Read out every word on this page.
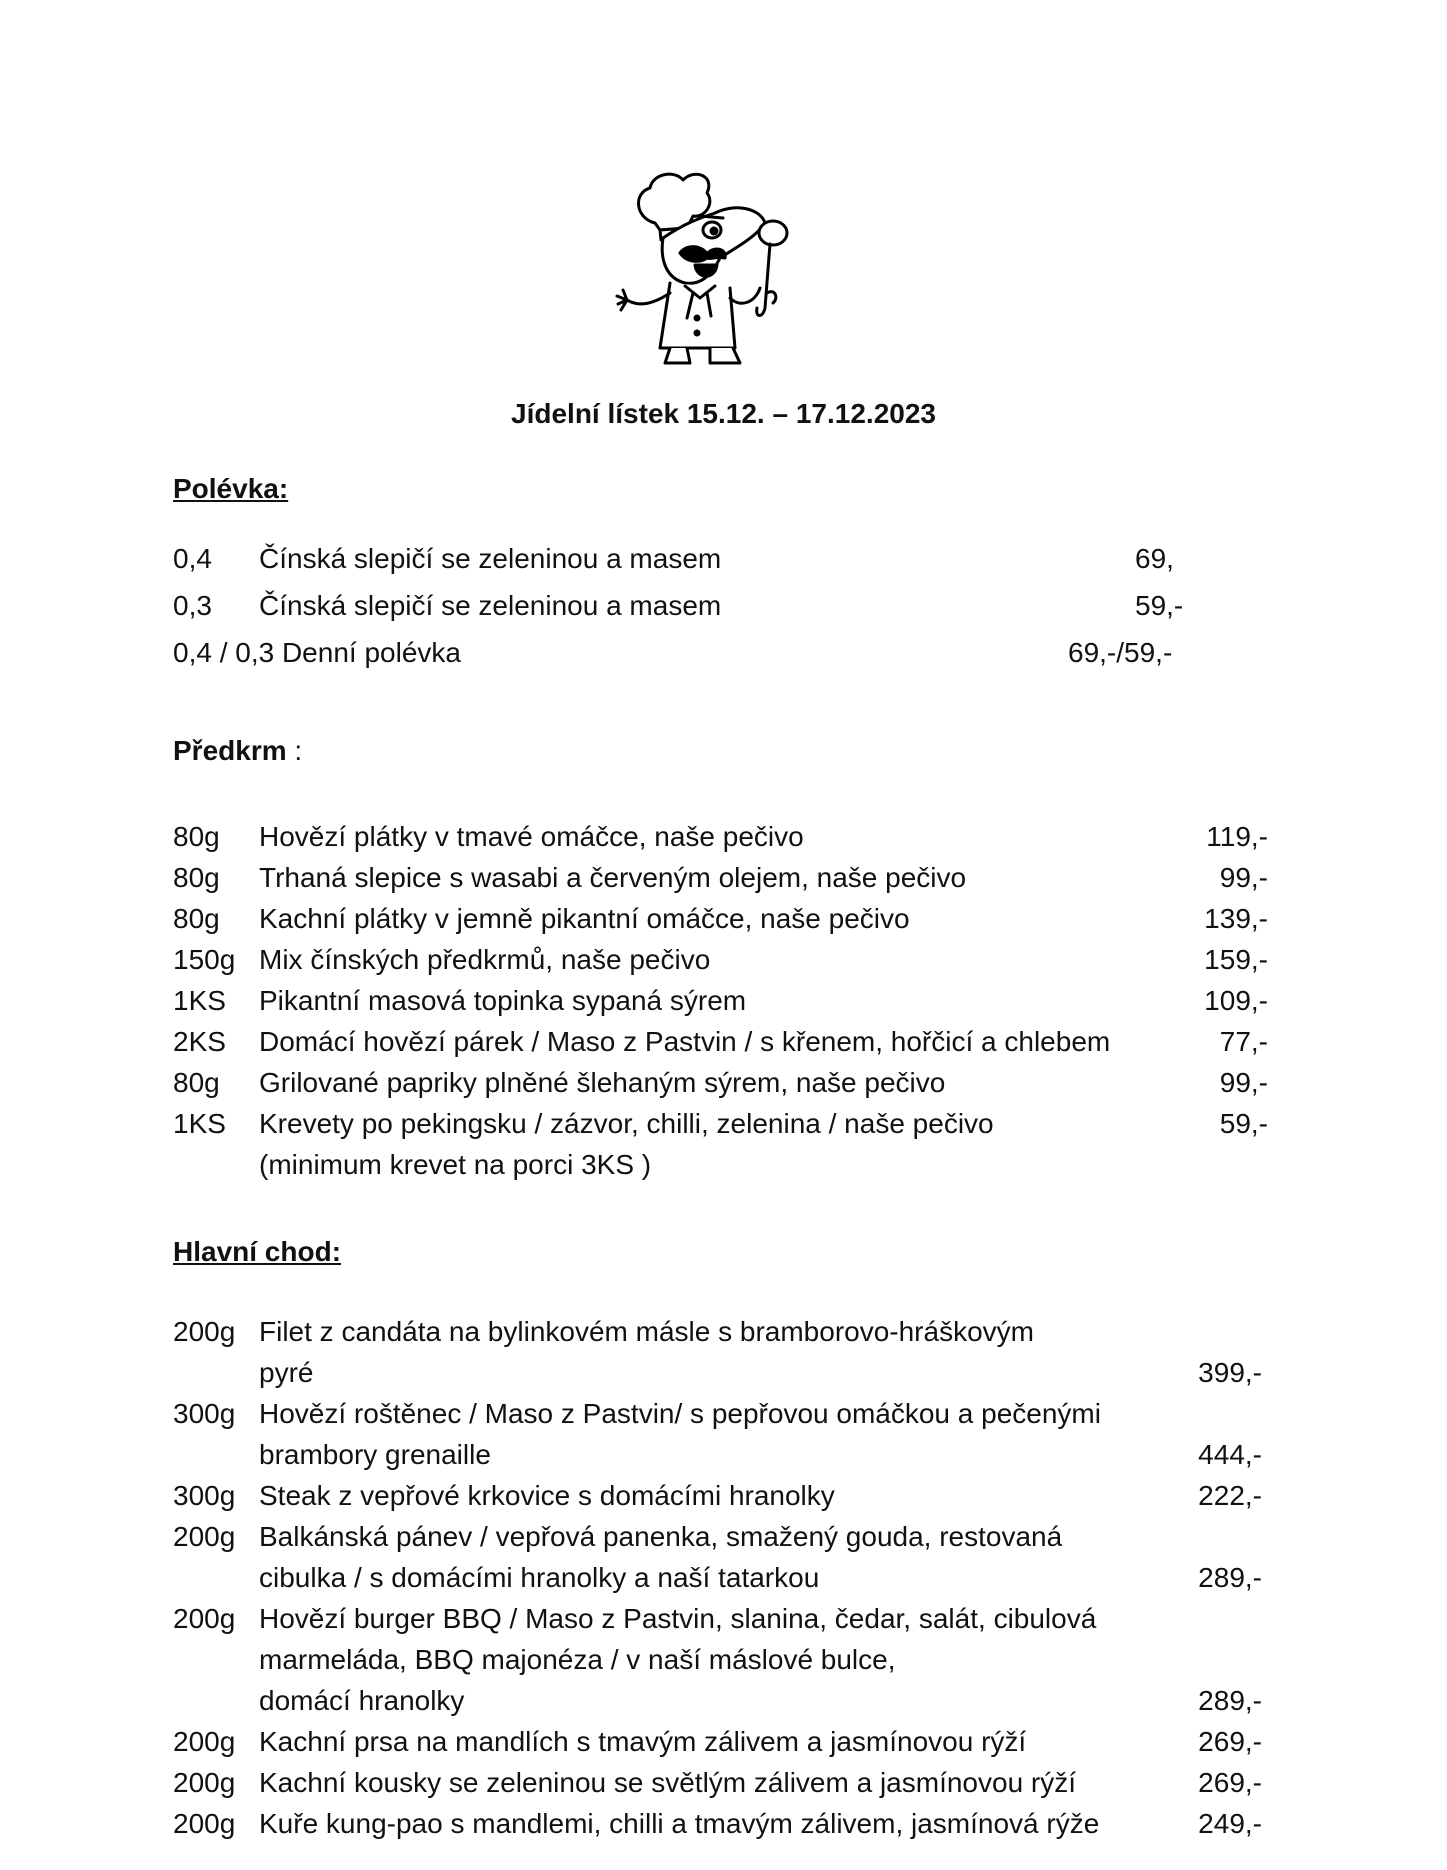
Jídelní lístek 15.12. – 17.12.2023
Polévka:
0,4 Čínská slepičí se zeleninou a masem	69,
0,3 Čínská slepičí se zeleninou a masem	59,-
0,4 / 0,3 Denní polévka	69,-/59,-
Předkrm :
80g Hovězí plátky v tmavé omáčce, naše pečivo	119,-
80g Trhaná slepice s wasabi a červeným olejem, naše pečivo	99,-
80g Kachní plátky v jemně pikantní omáčce, naše pečivo	139,-
150g Mix čínských předkrmů, naše pečivo	159,-
1KS Pikantní masová topinka sypaná sýrem	109,-
2KS Domácí hovězí párek / Maso z Pastvin / s křenem, hořčicí a chlebem	77,-
80g Grilované papriky plněné šlehaným sýrem, naše pečivo	99,-
1KS Krevety po pekingsku / zázvor, chilli, zelenina / naše pečivo	59,-
(minimum krevet na porci 3KS )
Hlavní chod:
200g Filet z candáta na bylinkovém másle s bramborovo-hráškovým
pyré	399,-
300g Hovězí roštěnec / Maso z Pastvin/ s pepřovou omáčkou a pečenými
brambory grenaille	444,-
300g Steak z vepřové krkovice s domácími hranolky	222,-
200g Balkánská pánev / vepřová panenka, smažený gouda, restovaná
cibulka / s domácími hranolky a naší tatarkou	289,-
200g Hovězí burger BBQ / Maso z Pastvin, slanina, čedar, salát, cibulová
marmeláda, BBQ majonéza / v naší máslové bulce,
domácí hranolky	289,-
200g Kachní prsa na mandlích s tmavým zálivem a jasmínovou rýží	269,-
200g Kachní kousky se zeleninou se světlým zálivem a jasmínovou rýží	269,-
200g Kuře kung-pao s mandlemi, chilli a tmavým zálivem, jasmínová rýže	249,-
